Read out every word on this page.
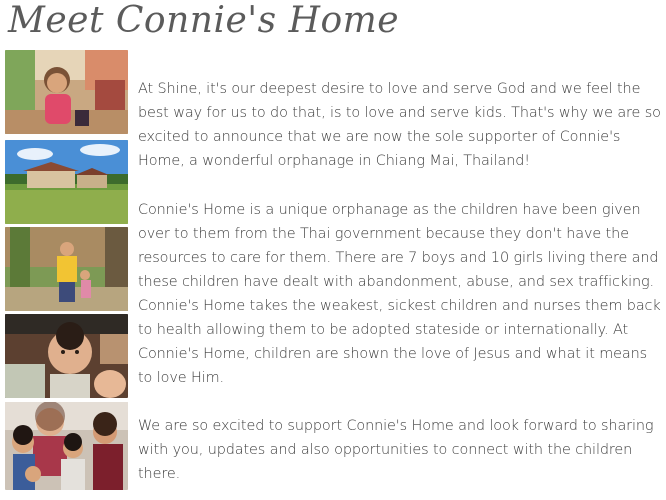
Meet Connie's Home
At Shine, it's our deepest desire to love and serve God and we feel the best way for us to do that, is to love and serve kids. That's why we are so excited to announce that we are now the sole supporter of Connie's Home, a wonderful orphanage in Chiang Mai, Thailand!
Connie's Home is a unique orphanage as the children have been given over to them from the Thai government because they don't have the resources to care for them. There are 7 boys and 10 girls living there and these children have dealt with abandonment, abuse, and sex trafficking. Connie's Home takes the weakest, sickest children and nurses them back to health allowing them to be adopted stateside or internationally. At Connie's Home, children are shown the love of Jesus and what it means to love Him.
We are so excited to support Connie's Home and look forward to sharing with you, updates and also opportunities to connect with the children there.
